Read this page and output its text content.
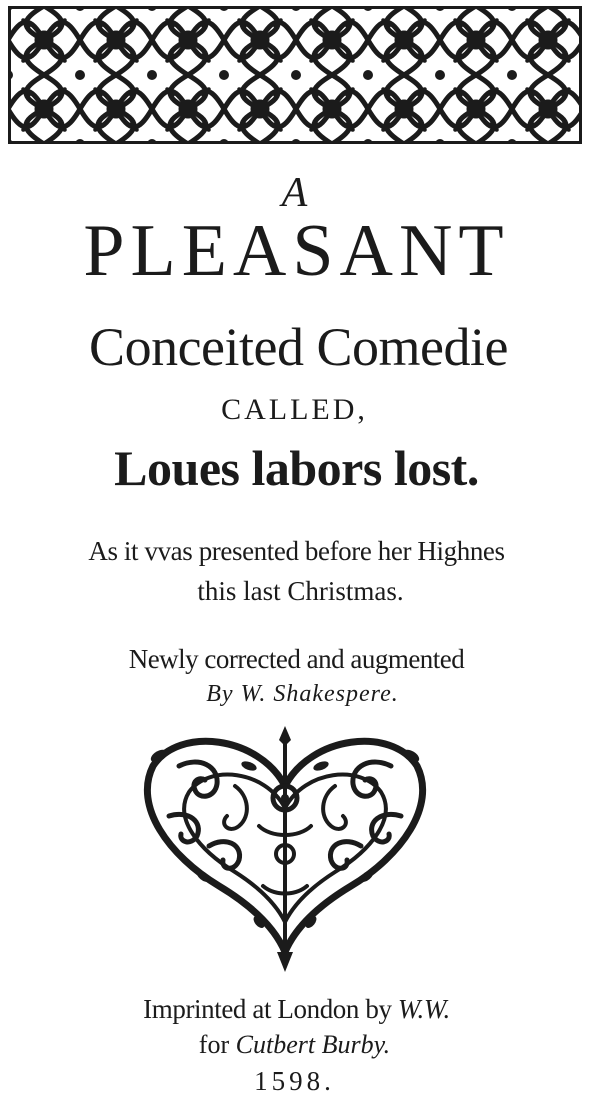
A
PLEASANT
Conceited Comedie
CALLED,
Loues labors lost.
As it vvas presented before her Highnes
this last Christmas.
Newly corrected and augmented
By W. Shakespere.
Imprinted at London by W.W.
for Cutbert Burby.
1598.
